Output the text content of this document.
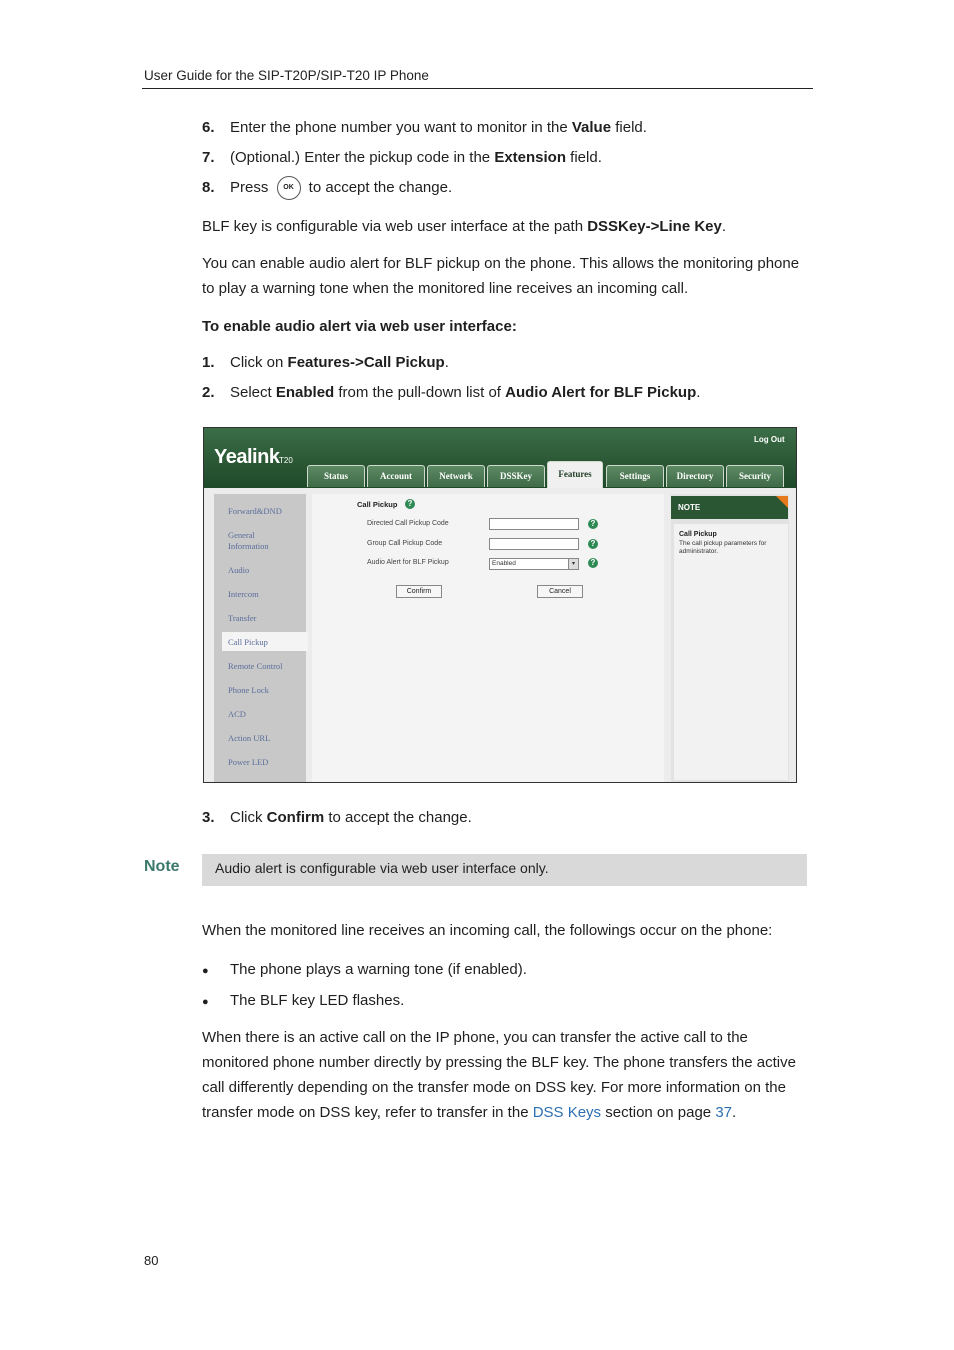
User Guide for the SIP-T20P/SIP-T20 IP Phone
6. Enter the phone number you want to monitor in the Value field.
7. (Optional.) Enter the pickup code in the Extension field.
8. Press OK to accept the change.
BLF key is configurable via web user interface at the path DSSKey->Line Key.
You can enable audio alert for BLF pickup on the phone. This allows the monitoring phone to play a warning tone when the monitored line receives an incoming call.
To enable audio alert via web user interface:
1. Click on Features->Call Pickup.
2. Select Enabled from the pull-down list of Audio Alert for BLF Pickup.
Yealink T20
Log Out
Status	Account	Network	DSSKey	Features	Settings	Directory	Security
Forward&DND
General Information
Audio
Intercom
Transfer
Call Pickup
Remote Control
Phone Lock
ACD
Action URL
Power LED
Call Pickup	?
Directed Call Pickup Code	?
Group Call Pickup Code	?
Audio Alert for BLF Pickup	Enabled	▾	?
Confirm	Cancel
NOTE
Call Pickup
The call pickup parameters for administrator.
3. Click Confirm to accept the change.
Note	Audio alert is configurable via web user interface only.
When the monitored line receives an incoming call, the followings occur on the phone:
● The phone plays a warning tone (if enabled).
● The BLF key LED flashes.
When there is an active call on the IP phone, you can transfer the active call to the monitored phone number directly by pressing the BLF key. The phone transfers the active call differently depending on the transfer mode on DSS key. For more information on the transfer mode on DSS key, refer to transfer in the DSS Keys section on page 37.
80
